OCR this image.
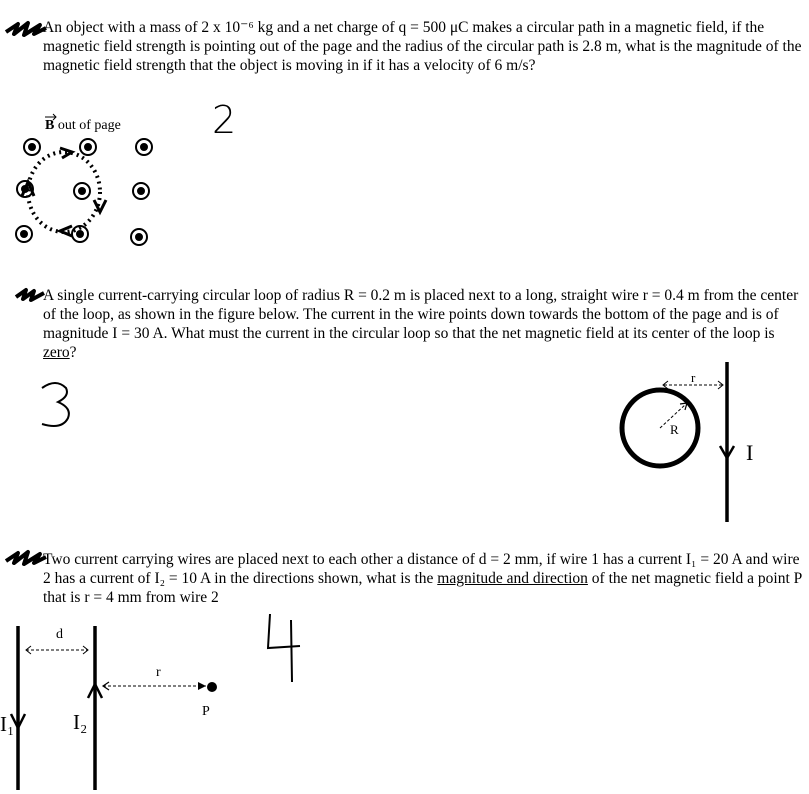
An object with a mass of 2 x 10⁻⁶ kg and a net charge of q = 500 μC makes a circular path in a magnetic field, if the magnetic field strength is pointing out of the page and the radius of the circular path is 2.8 m, what is the magnitude of the magnetic field strength that the object is moving in if it has a velocity of 6 m/s?

B out of page 2

A single current-carrying circular loop of radius R = 0.2 m is placed next to a long, straight wire r = 0.4 m from the center of the loop, as shown in the figure below. The current in the wire points down towards the bottom of the page and is of magnitude I = 30 A. What must the current in the circular loop so that the net magnetic field at its center of the loop is zero?

r
R
I

Two current carrying wires are placed next to each other a distance of d = 2 mm, if wire 1 has a current I₁ = 20 A and wire 2 has a current of I₂ = 10 A in the directions shown, what is the magnitude and direction of the net magnetic field a point P that is r = 4 mm from wire 2

d
r
P
I₁	I₂
